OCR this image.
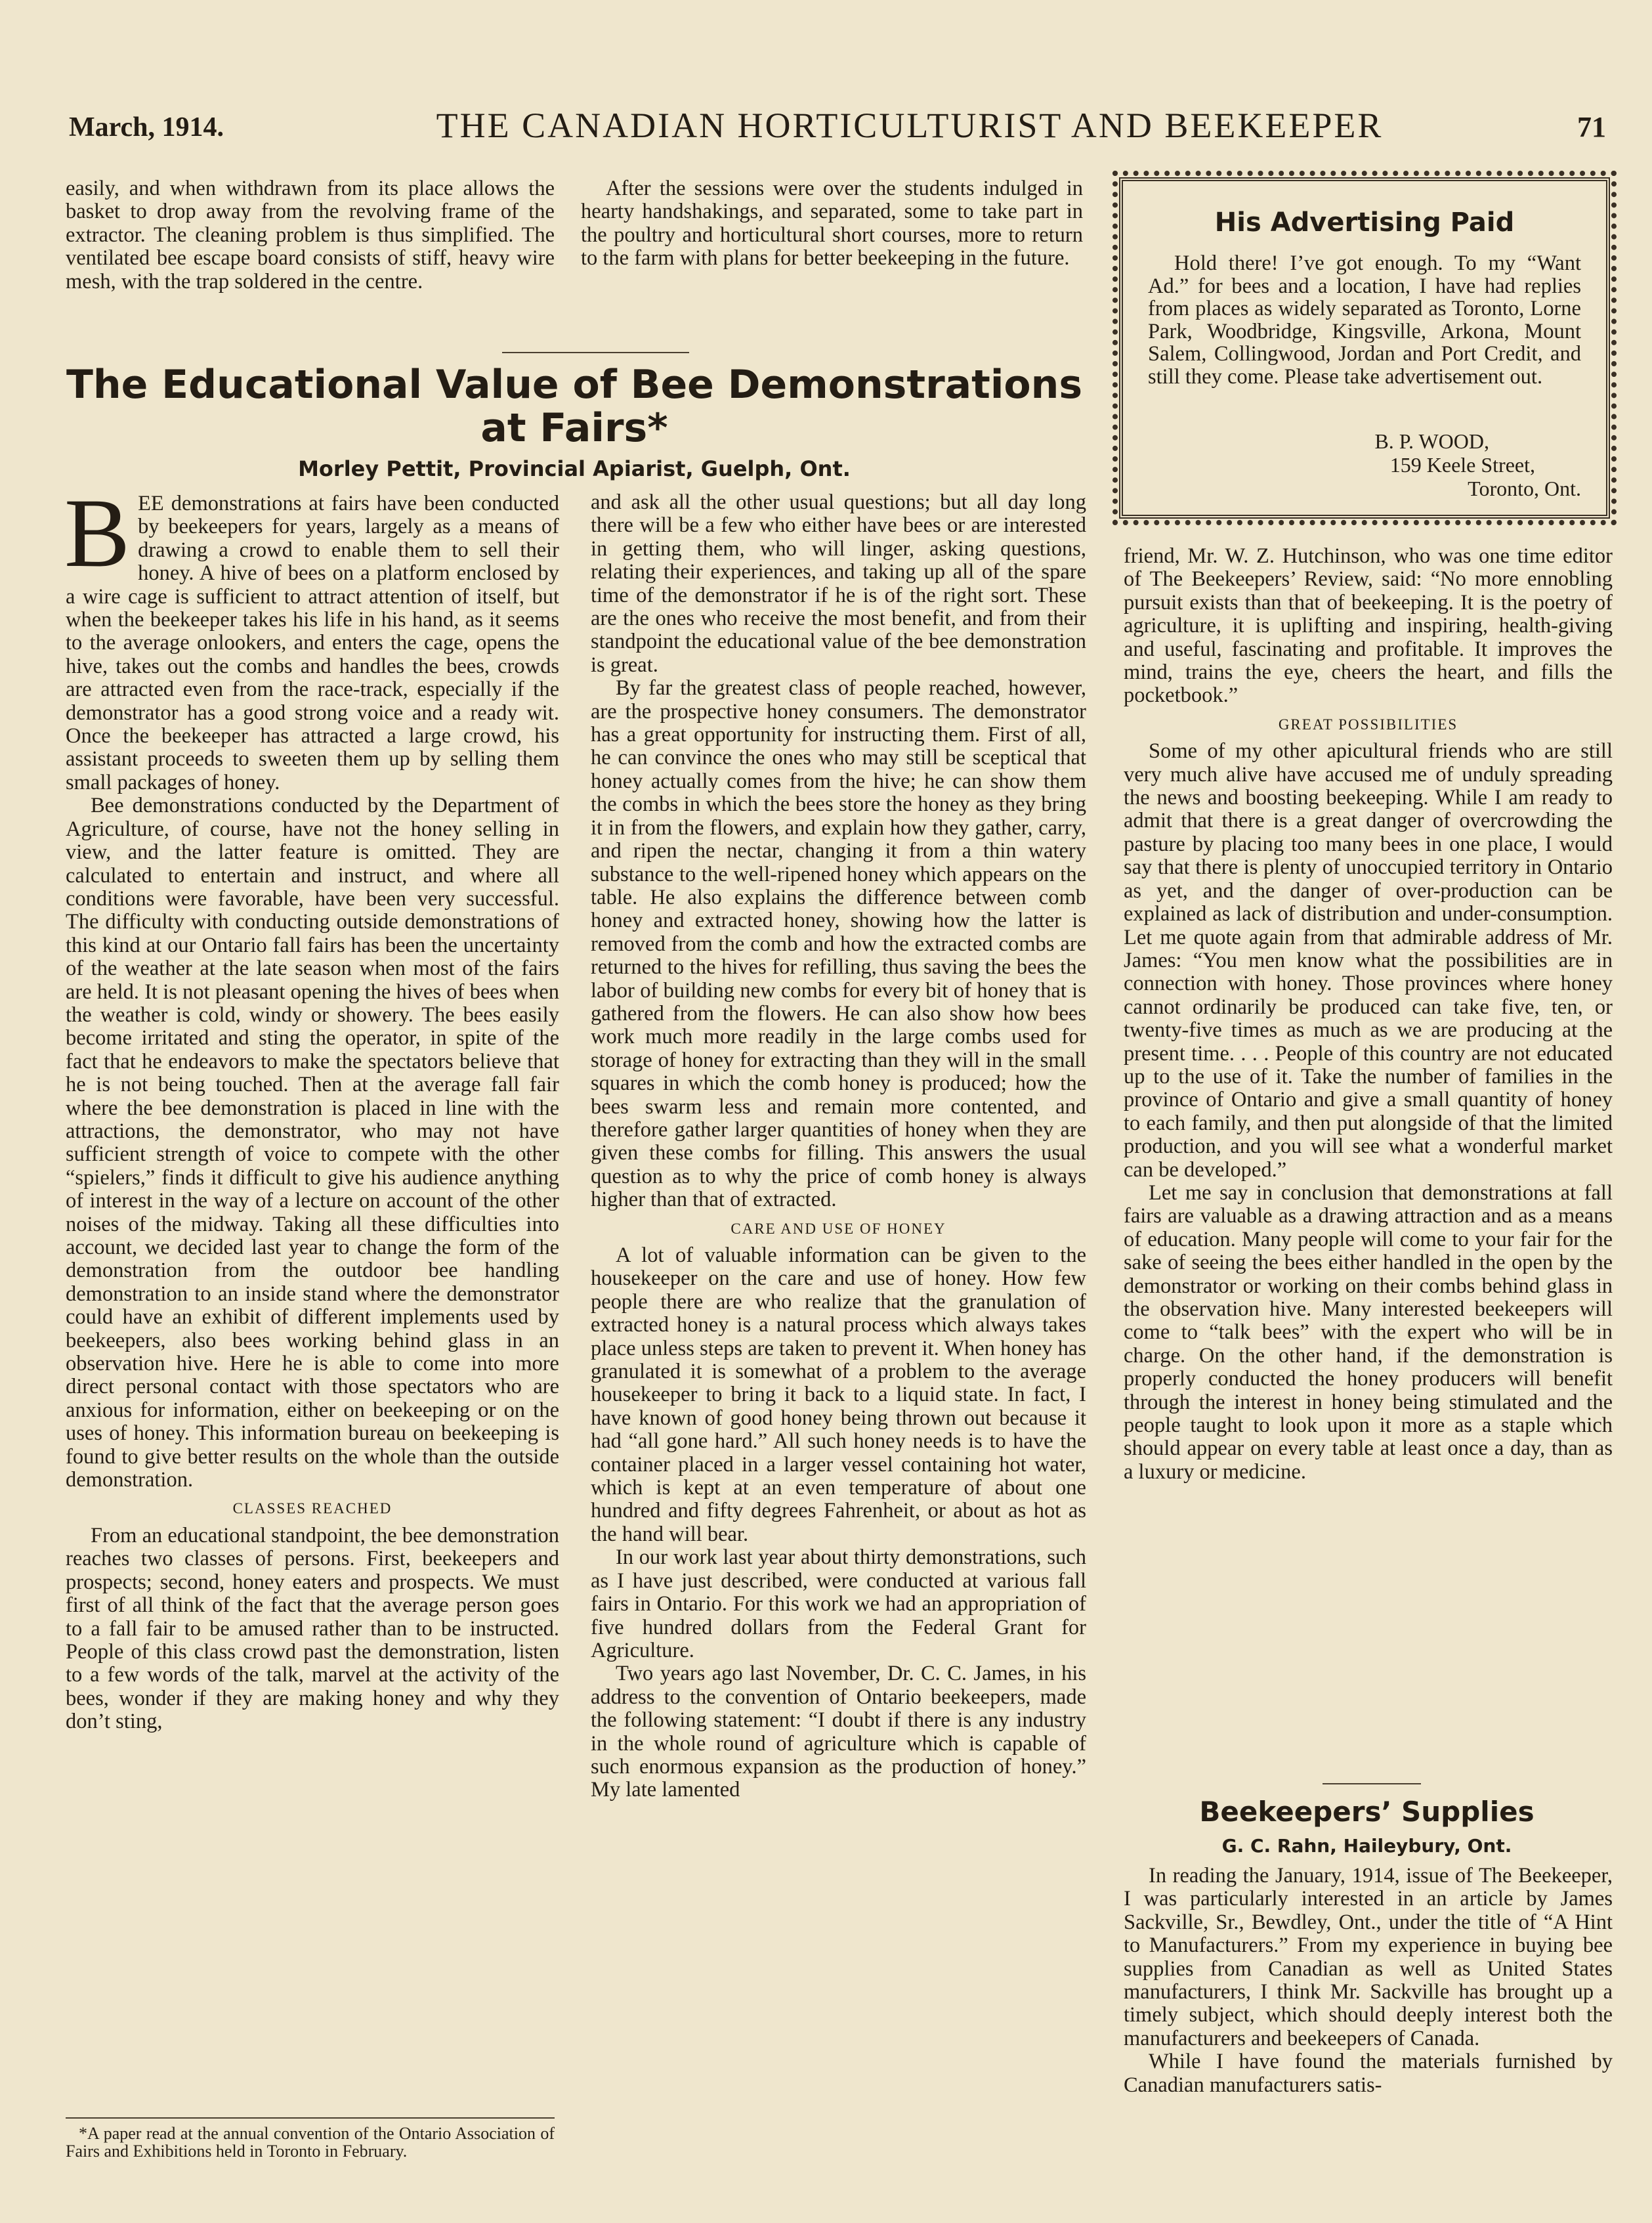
March, 1914.	THE CANADIAN HORTICULTURIST AND BEEKEEPER	71

easily, and when withdrawn from its place allows the basket to drop away from the revolving frame of the extractor. The cleaning problem is thus simplified. The ventilated bee escape board consists of stiff, heavy wire mesh, with the trap soldered in the centre.

After the sessions were over the students indulged in hearty handshakings, and separated, some to take part in the poultry and horticultural short courses, more to return to the farm with plans for better beekeeping in the future.

The Educational Value of Bee Demonstrations at Fairs*
Morley Pettit, Provincial Apiarist, Guelph, Ont.

BEE demonstrations at fairs have been conducted by beekeepers for years, largely as a means of drawing a crowd to enable them to sell their honey. A hive of bees on a platform enclosed by a wire cage is sufficient to attract attention of itself, but when the beekeeper takes his life in his hand, as it seems to the average onlookers, and enters the cage, opens the hive, takes out the combs and handles the bees, crowds are attracted even from the race-track, especially if the demonstrator has a good strong voice and a ready wit. Once the beekeeper has attracted a large crowd, his assistant proceeds to sweeten them up by selling them small packages of honey.

Bee demonstrations conducted by the Department of Agriculture, of course, have not the honey selling in view, and the latter feature is omitted. They are calculated to entertain and instruct, and where all conditions were favorable, have been very successful. The difficulty with conducting outside demonstrations of this kind at our Ontario fall fairs has been the uncertainty of the weather at the late season when most of the fairs are held. It is not pleasant opening the hives of bees when the weather is cold, windy or showery. The bees easily become irritated and sting the operator, in spite of the fact that he endeavors to make the spectators believe that he is not being touched. Then at the average fall fair where the bee demonstration is placed in line with the attractions, the demonstrator, who may not have sufficient strength of voice to compete with the other “spielers,” finds it difficult to give his audience anything of interest in the way of a lecture on account of the other noises of the midway. Taking all these difficulties into account, we decided last year to change the form of the demonstration from the outdoor bee handling demonstration to an inside stand where the demonstrator could have an exhibit of different implements used by beekeepers, also bees working behind glass in an observation hive. Here he is able to come into more direct personal contact with those spectators who are anxious for information, either on beekeeping or on the uses of honey. This information bureau on beekeeping is found to give better results on the whole than the outside demonstration.

CLASSES REACHED

From an educational standpoint, the bee demonstration reaches two classes of persons. First, beekeepers and prospects; second, honey eaters and prospects. We must first of all think of the fact that the average person goes to a fall fair to be amused rather than to be instructed. People of this class crowd past the demonstration, listen to a few words of the talk, marvel at the activity of the bees, wonder if they are making honey and why they don’t sting,

*A paper read at the annual convention of the Ontario Association of Fairs and Exhibitions held in Toronto in February.

and ask all the other usual questions; but all day long there will be a few who either have bees or are interested in getting them, who will linger, asking questions, relating their experiences, and taking up all of the spare time of the demonstrator if he is of the right sort. These are the ones who receive the most benefit, and from their standpoint the educational value of the bee demonstration is great.

By far the greatest class of people reached, however, are the prospective honey consumers. The demonstrator has a great opportunity for instructing them. First of all, he can convince the ones who may still be sceptical that honey actually comes from the hive; he can show them the combs in which the bees store the honey as they bring it in from the flowers, and explain how they gather, carry, and ripen the nectar, changing it from a thin watery substance to the well-ripened honey which appears on the table. He also explains the difference between comb honey and extracted honey, showing how the latter is removed from the comb and how the extracted combs are returned to the hives for refilling, thus saving the bees the labor of building new combs for every bit of honey that is gathered from the flowers. He can also show how bees work much more readily in the large combs used for storage of honey for extracting than they will in the small squares in which the comb honey is produced; how the bees swarm less and remain more contented, and therefore gather larger quantities of honey when they are given these combs for filling. This answers the usual question as to why the price of comb honey is always higher than that of extracted.

CARE AND USE OF HONEY

A lot of valuable information can be given to the housekeeper on the care and use of honey. How few people there are who realize that the granulation of extracted honey is a natural process which always takes place unless steps are taken to prevent it. When honey has granulated it is somewhat of a problem to the average housekeeper to bring it back to a liquid state. In fact, I have known of good honey being thrown out because it had “all gone hard.” All such honey needs is to have the container placed in a larger vessel containing hot water, which is kept at an even temperature of about one hundred and fifty degrees Fahrenheit, or about as hot as the hand will bear.

In our work last year about thirty demonstrations, such as I have just described, were conducted at various fall fairs in Ontario. For this work we had an appropriation of five hundred dollars from the Federal Grant for Agriculture.

Two years ago last November, Dr. C. C. James, in his address to the convention of Ontario beekeepers, made the following statement: “I doubt if there is any industry in the whole round of agriculture which is capable of such enormous expansion as the production of honey.” My late lamented

His Advertising Paid
Hold there! I’ve got enough. To my “Want Ad.” for bees and a location, I have had replies from places as widely separated as Toronto, Lorne Park, Woodbridge, Kingsville, Arkona, Mount Salem, Collingwood, Jordan and Port Credit, and still they come. Please take advertisement out.
B. P. WOOD,
159 Keele Street,
Toronto, Ont.

friend, Mr. W. Z. Hutchinson, who was one time editor of The Beekeepers’ Review, said: “No more ennobling pursuit exists than that of beekeeping. It is the poetry of agriculture, it is uplifting and inspiring, health-giving and useful, fascinating and profitable. It improves the mind, trains the eye, cheers the heart, and fills the pocketbook.”

GREAT POSSIBILITIES

Some of my other apicultural friends who are still very much alive have accused me of unduly spreading the news and boosting beekeeping. While I am ready to admit that there is a great danger of overcrowding the pasture by placing too many bees in one place, I would say that there is plenty of unoccupied territory in Ontario as yet, and the danger of over-production can be explained as lack of distribution and under-consumption. Let me quote again from that admirable address of Mr. James: “You men know what the possibilities are in connection with honey. Those provinces where honey cannot ordinarily be produced can take five, ten, or twenty-five times as much as we are producing at the present time. . . . People of this country are not educated up to the use of it. Take the number of families in the province of Ontario and give a small quantity of honey to each family, and then put alongside of that the limited production, and you will see what a wonderful market can be developed.”

Let me say in conclusion that demonstrations at fall fairs are valuable as a drawing attraction and as a means of education. Many people will come to your fair for the sake of seeing the bees either handled in the open by the demonstrator or working on their combs behind glass in the observation hive. Many interested beekeepers will come to “talk bees” with the expert who will be in charge. On the other hand, if the demonstration is properly conducted the honey producers will benefit through the interest in honey being stimulated and the people taught to look upon it more as a staple which should appear on every table at least once a day, than as a luxury or medicine.

Beekeepers’ Supplies
G. C. Rahn, Haileybury, Ont.

In reading the January, 1914, issue of The Beekeeper, I was particularly interested in an article by James Sackville, Sr., Bewdley, Ont., under the title of “A Hint to Manufacturers.” From my experience in buying bee supplies from Canadian as well as United States manufacturers, I think Mr. Sackville has brought up a timely subject, which should deeply interest both the manufacturers and beekeepers of Canada.

While I have found the materials furnished by Canadian manufacturers satis-
